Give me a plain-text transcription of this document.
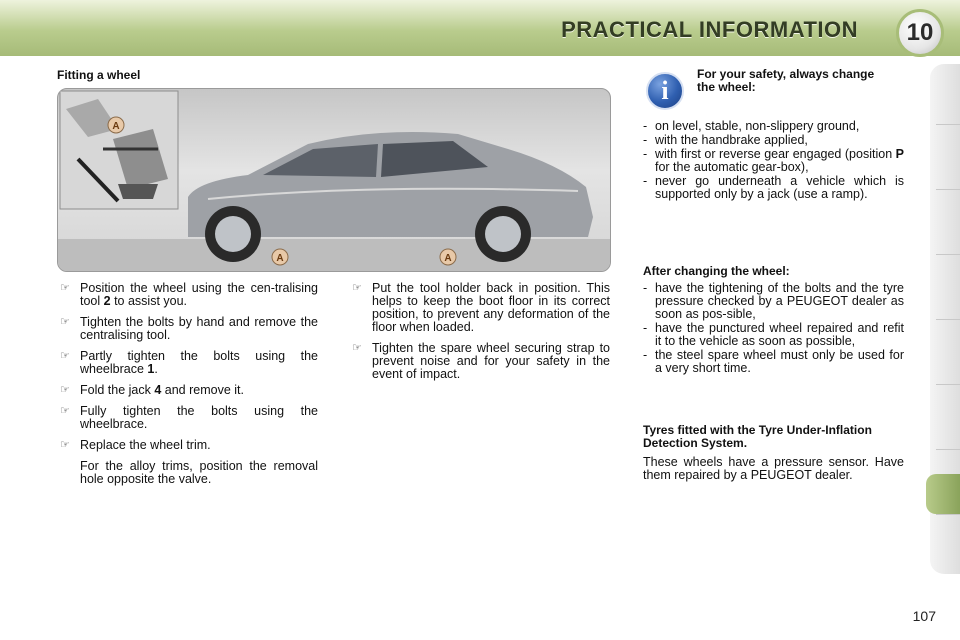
PRACTICAL INFORMATION	10
Fitting a wheel
A
A	A
☞ Position the wheel using the cen-tralising tool 2 to assist you.
☞ Tighten the bolts by hand and remove the centralising tool.
☞ Partly tighten the bolts using the wheelbrace 1.
☞ Fold the jack 4 and remove it.
☞ Fully tighten the bolts using the wheelbrace.
☞ Replace the wheel trim.
For the alloy trims, position the removal hole opposite the valve.
☞ Put the tool holder back in position. This helps to keep the boot floor in its correct position, to prevent any deformation of the floor when loaded.
☞ Tighten the spare wheel securing strap to prevent noise and for your safety in the event of impact.
i
For your safety, always change the wheel:
- on level, stable, non-slippery ground,
- with the handbrake applied,
- with first or reverse gear engaged (position P for the automatic gear-box),
- never go underneath a vehicle which is supported only by a jack (use a ramp).
After changing the wheel:
- have the tightening of the bolts and the tyre pressure checked by a PEUGEOT dealer as soon as pos-sible,
- have the punctured wheel repaired and refit it to the vehicle as soon as possible,
- the steel spare wheel must only be used for a very short time.
Tyres fitted with the Tyre Under-Inflation Detection System.
These wheels have a pressure sensor. Have them repaired by a PEUGEOT dealer.
107
